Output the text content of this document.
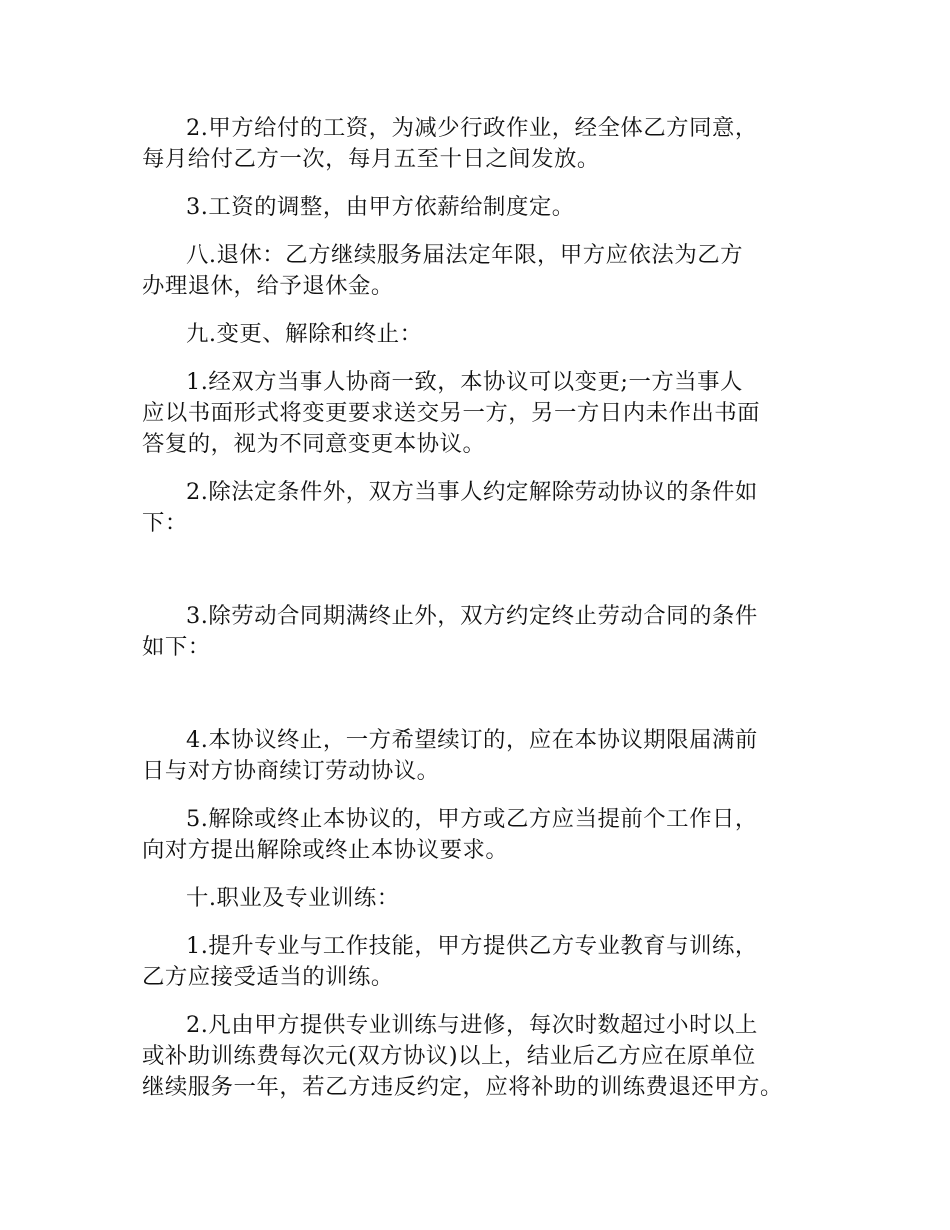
2.甲方给付的工资，为减少行政作业，经全体乙方同意，
每月给付乙方一次，每月五至十日之间发放。

3.工资的调整，由甲方依薪给制度定。

八.退休：乙方继续服务届法定年限，甲方应依法为乙方
办理退休，给予退休金。

九.变更、解除和终止：

1.经双方当事人协商一致，本协议可以变更;一方当事人
应以书面形式将变更要求送交另一方，另一方日内未作出书面
答复的，视为不同意变更本协议。

2.除法定条件外，双方当事人约定解除劳动协议的条件如
下：

3.除劳动合同期满终止外，双方约定终止劳动合同的条件
如下：

4.本协议终止，一方希望续订的，应在本协议期限届满前
日与对方协商续订劳动协议。

5.解除或终止本协议的，甲方或乙方应当提前个工作日，
向对方提出解除或终止本协议要求。

十.职业及专业训练：

1.提升专业与工作技能，甲方提供乙方专业教育与训练，
乙方应接受适当的训练。

2.凡由甲方提供专业训练与进修，每次时数超过小时以上
或补助训练费每次元(双方协议)以上，结业后乙方应在原单位
继续服务一年，若乙方违反约定，应将补助的训练费退还甲方。
